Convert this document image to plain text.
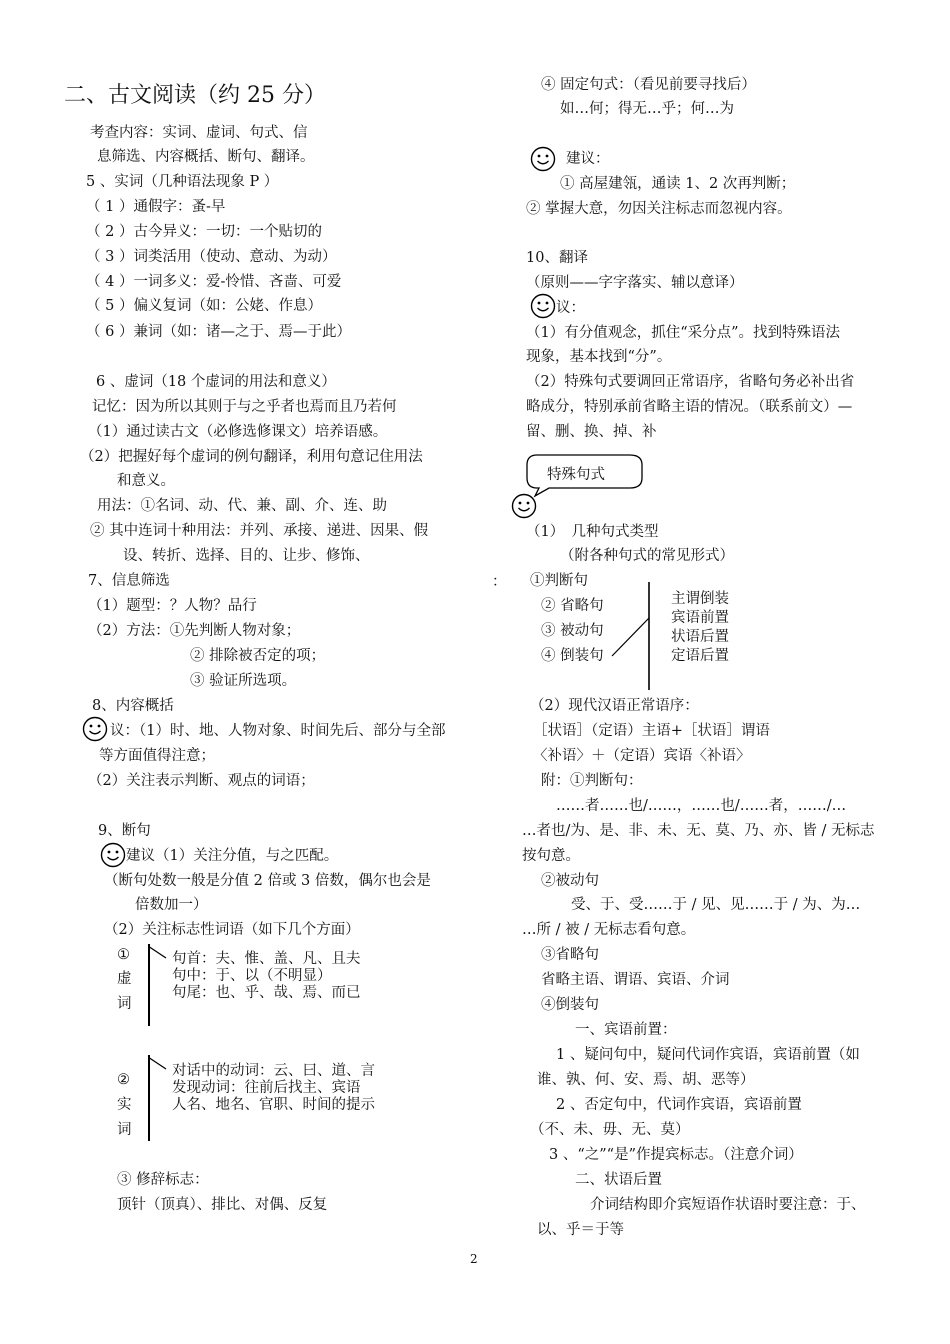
二、古文阅读（约 25 分）
考查内容：实词、虚词、句式、信
息筛选、内容概括、断句、翻译。
5 、实词（几种语法现象 P ）
（ 1 ）通假字：蚤-早
（ 2 ）古今异义：一切：一个贴切的
（ 3 ）词类活用（使动、意动、为动）
（ 4 ）一词多义：爱-怜惜、吝啬、可爱
（ 5 ）偏义复词（如：公姥、作息）
（ 6 ）兼词（如：诸—之于、焉—于此）
6 、虚词（18 个虚词的用法和意义）
记忆：因为所以其则于与之乎者也焉而且乃若何
（1）通过读古文（必修选修课文）培养语感。
（2）把握好每个虚词的例句翻译，利用句意记住用法
和意义。
用法：①名词、动、代、兼、副、介、连、助
② 其中连词十种用法：并列、承接、递进、因果、假
设、转折、选择、目的、让步、修饰、
7、信息筛选
（1）题型：？人物？品行
（2）方法：①先判断人物对象；
② 排除被否定的项；
③ 验证所选项。
8、内容概括
议：（1）时、地、人物对象、时间先后、部分与全部
等方面值得注意；
（2）关注表示判断、观点的词语；
9、断句
建议（1）关注分值，与之匹配。
（断句处数一般是分值 2 倍或 3 倍数，偶尔也会是
倍数加一）
（2）关注标志性词语（如下几个方面）
①
虚
词
句首：夫、惟、盖、凡、且夫
句中：于、以（不明显）
句尾：也、乎、哉、焉、而已
②
实
词
对话中的动词：云、曰、道、言
发现动词：往前后找主、宾语
人名、地名、官职、时间的提示
③ 修辞标志：
顶针（顶真）、排比、对偶、反复
④ 固定句式：（看见前要寻找后）
如…何；得无…乎；何…为
建议：
① 高屋建瓴，通读 1、2 次再判断；
② 掌握大意，勿因关注标志而忽视内容。
10、翻译
（原则——字字落实、辅以意译）
议：
（1）有分值观念，抓住“采分点”。找到特殊语法
现象，基本找到“分”。
（2）特殊句式要调回正常语序，省略句务必补出省
略成分，特别承前省略主语的情况。（联系前文）—
留、删、换、掉、补
特殊句式
（1）　几种句式类型
（附各种句式的常见形式）
： ①判断句
② 省略句
③ 被动句
④ 倒装句
主谓倒装
宾语前置
状语后置
定语后置
（2）现代汉语正常语序：
［状语］（定语）主语+［状语］谓语
〈补语〉＋（定语）宾语〈补语〉
附：①判断句：
……者……也/……，……也/……者，……/…
…者也/为、是、非、未、无、莫、乃、亦、皆 / 无标志
按句意。
②被动句
受、于、受……于 / 见、见……于 / 为、为…
…所 / 被 / 无标志看句意。
③省略句
省略主语、谓语、宾语、介词
④倒装句
一、宾语前置：
1 、疑问句中，疑问代词作宾语，宾语前置（如
谁、孰、何、安、焉、胡、恶等）
2 、否定句中，代词作宾语，宾语前置
（不、未、毋、无、莫）
3 、“之”“是”作提宾标志。（注意介词）
二、状语后置
介词结构即介宾短语作状语时要注意：于、
以、乎＝于等
2
